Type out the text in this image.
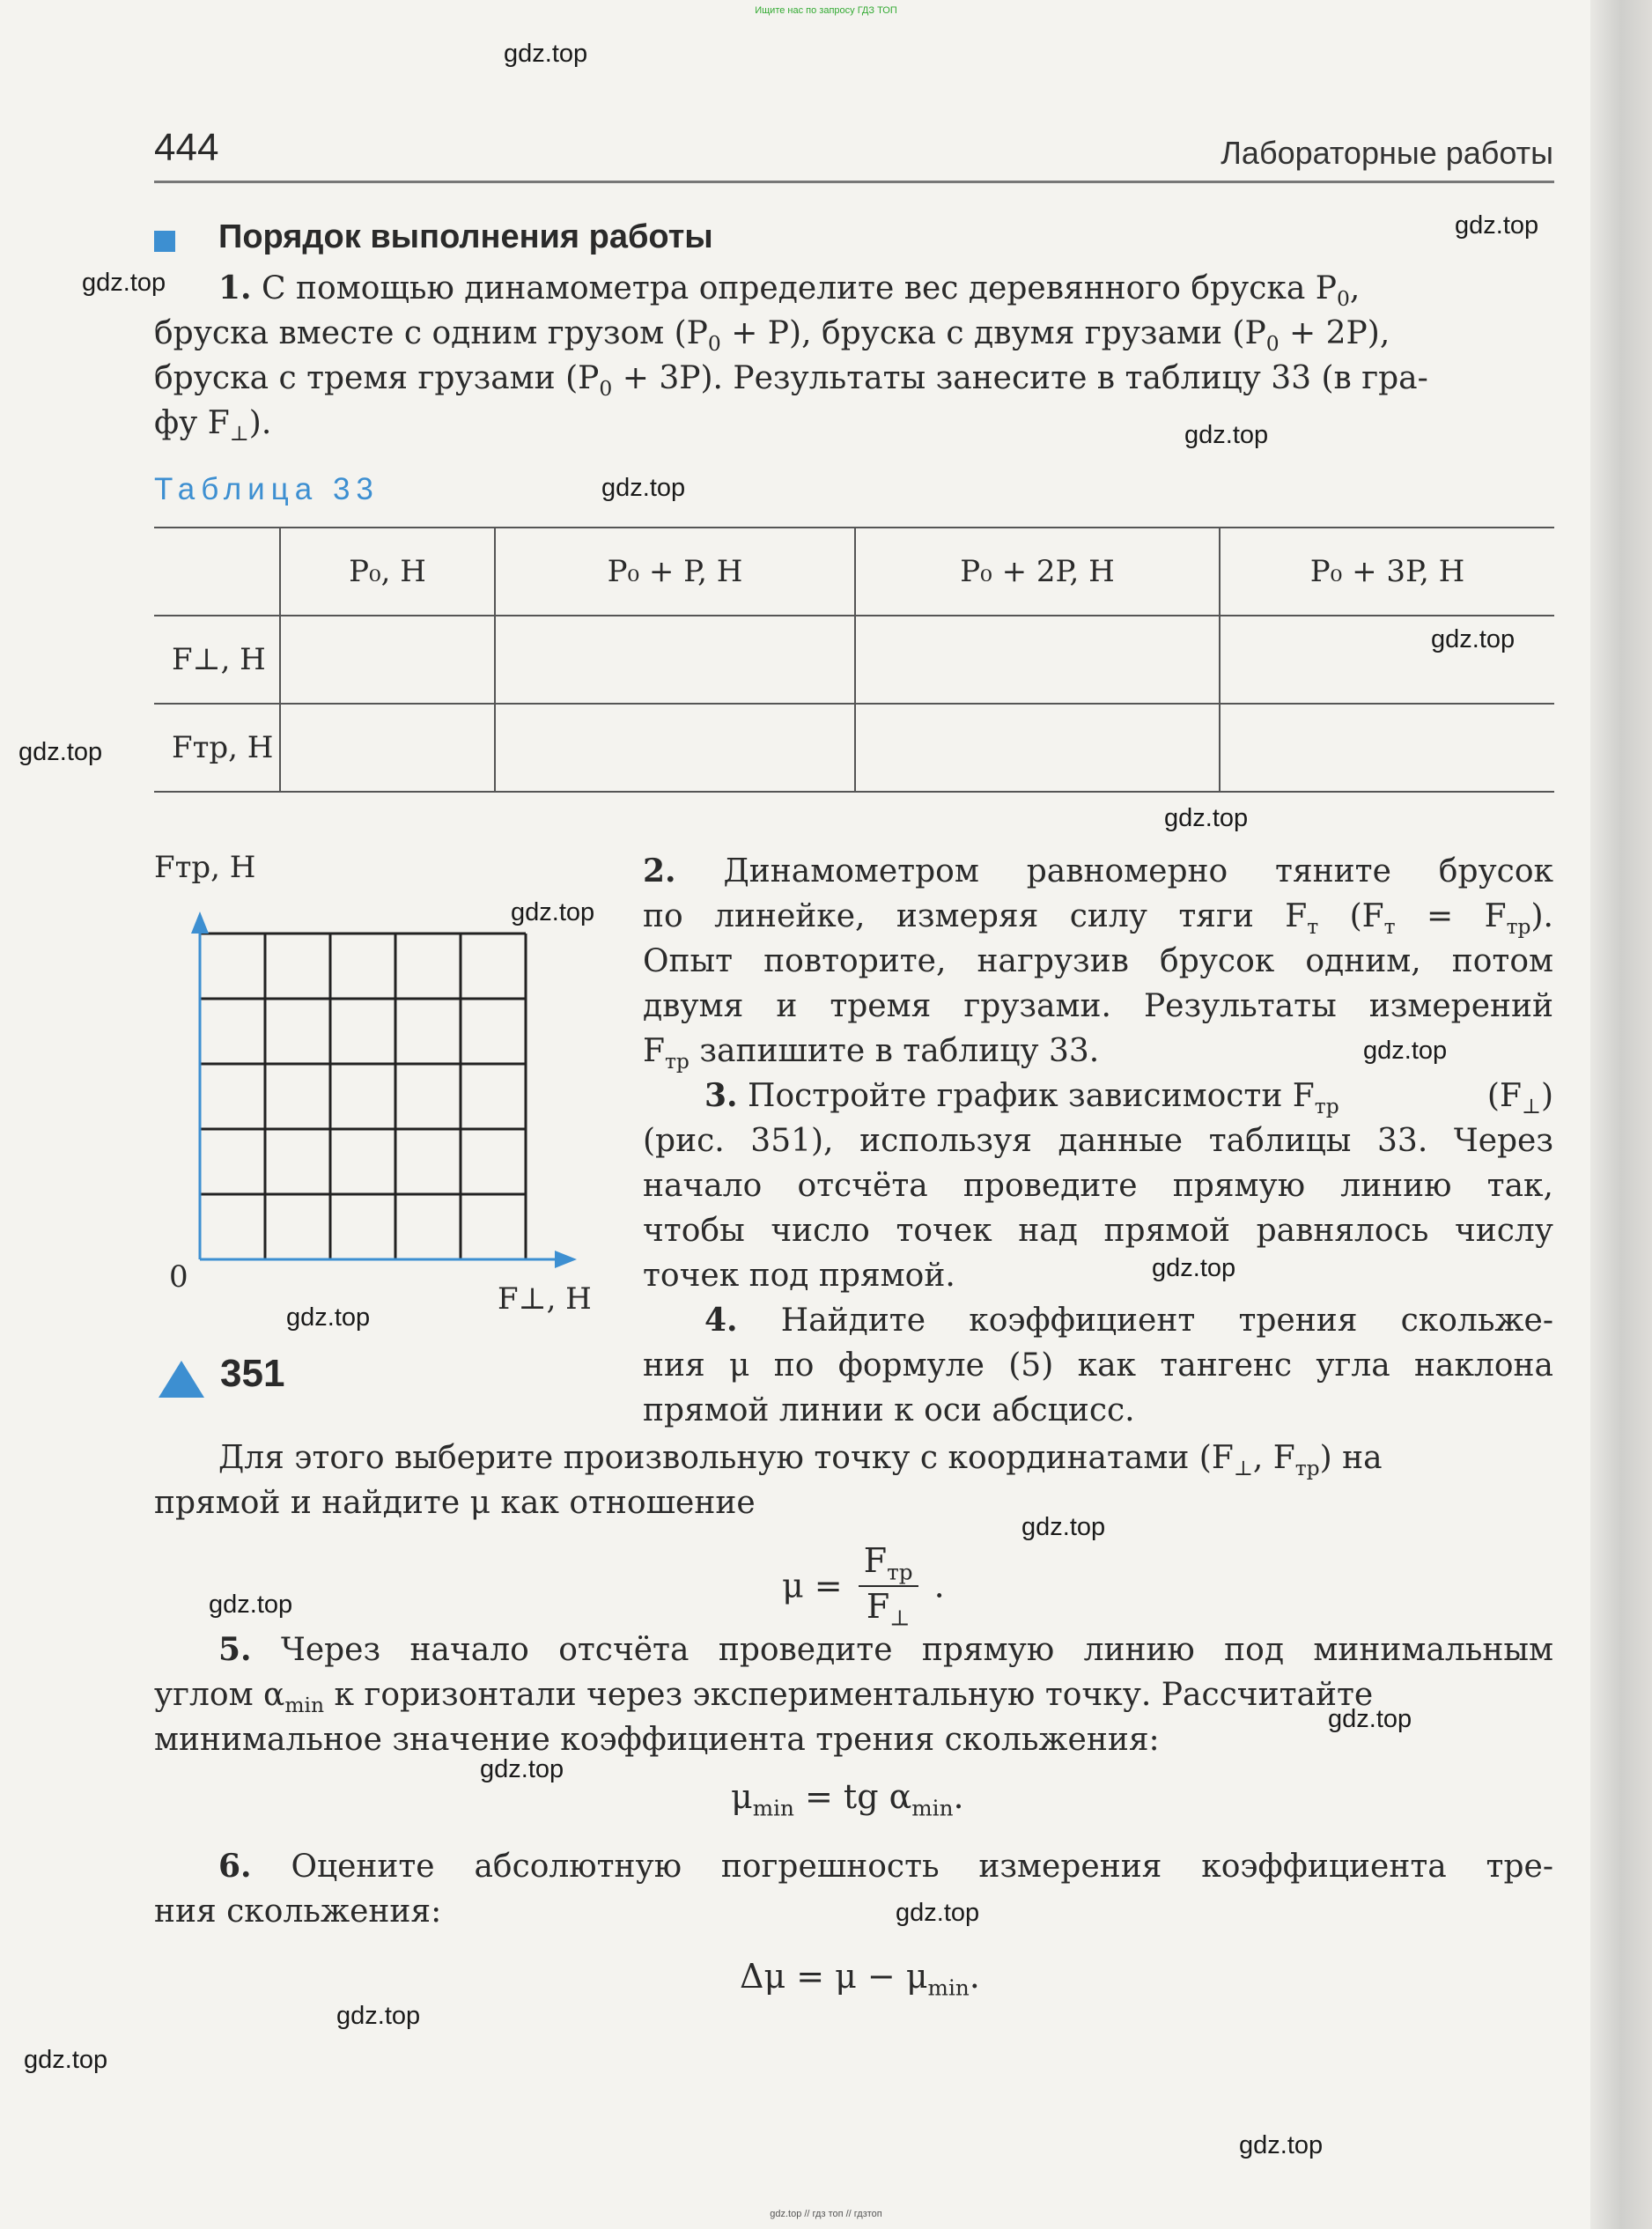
Ищите нас по запросу ГДЗ ТОП
444	Лабораторные работы
Порядок выполнения работы
1. С помощью динамометра определите вес деревянного бруска $P_0$,
бруска вместе с одним грузом $(P_0 + P)$, бруска с двумя грузами $(P_0 + 2P)$,
бруска с тремя грузами $(P_0 + 3P)$. Результаты занесите в таблицу 33 (в гра-
фу $F_\perp$).
Таблица 33
	P₀, Н	P₀ + P, Н	P₀ + 2P, Н	P₀ + 3P, Н
F⊥, Н				
Fтр, Н				
Fтр, Н
0
F⊥, Н
351
2. Динамометром равномерно тяните брусок
по линейке, измеряя силу тяги $F_т$ $(F_т = F_{тр})$.
Опыт повторите, нагрузив брусок одним, потом
двумя и тремя грузами. Результаты измерений
$F_{тр}$ запишите в таблицу 33.
3. Постройте график зависимости $F_{тр}$	$(F_\perp)$
(рис. 351), используя данные таблицы 33. Через
начало отсчёта проведите прямую линию так,
чтобы число точек над прямой равнялось числу
точек под прямой.
4. Найдите коэффициент трения скольже-
ния μ по формуле (5) как тангенс угла наклона
прямой линии к оси абсцисс.
Для этого выберите произвольную точку с координатами ($F_\perp$, $F_{тр}$) на
прямой и найдите μ как отношение
μ =
$F_{тр}$
$F_\perp$
.
5. Через начало отсчёта проведите прямую линию под минимальным
углом $\alpha_{min}$ к горизонтали через экспериментальную точку. Рассчитайте
минимальное значение коэффициента трения скольжения:
$\mu_{min}$ = tg $\alpha_{min}$.
6. Оцените абсолютную погрешность измерения коэффициента тре-
ния скольжения:
$\Delta\mu = \mu - \mu_{min}$.
gdz.top
gdz.top
gdz.top
gdz.top
gdz.top
gdz.top
gdz.top
gdz.top
gdz.top
gdz.top
gdz.top
gdz.top
gdz.top
gdz.top
gdz.top
gdz.top
gdz.top
gdz.top
gdz.top
gdz.top
gdz.top // гдз топ // гдзтоп
